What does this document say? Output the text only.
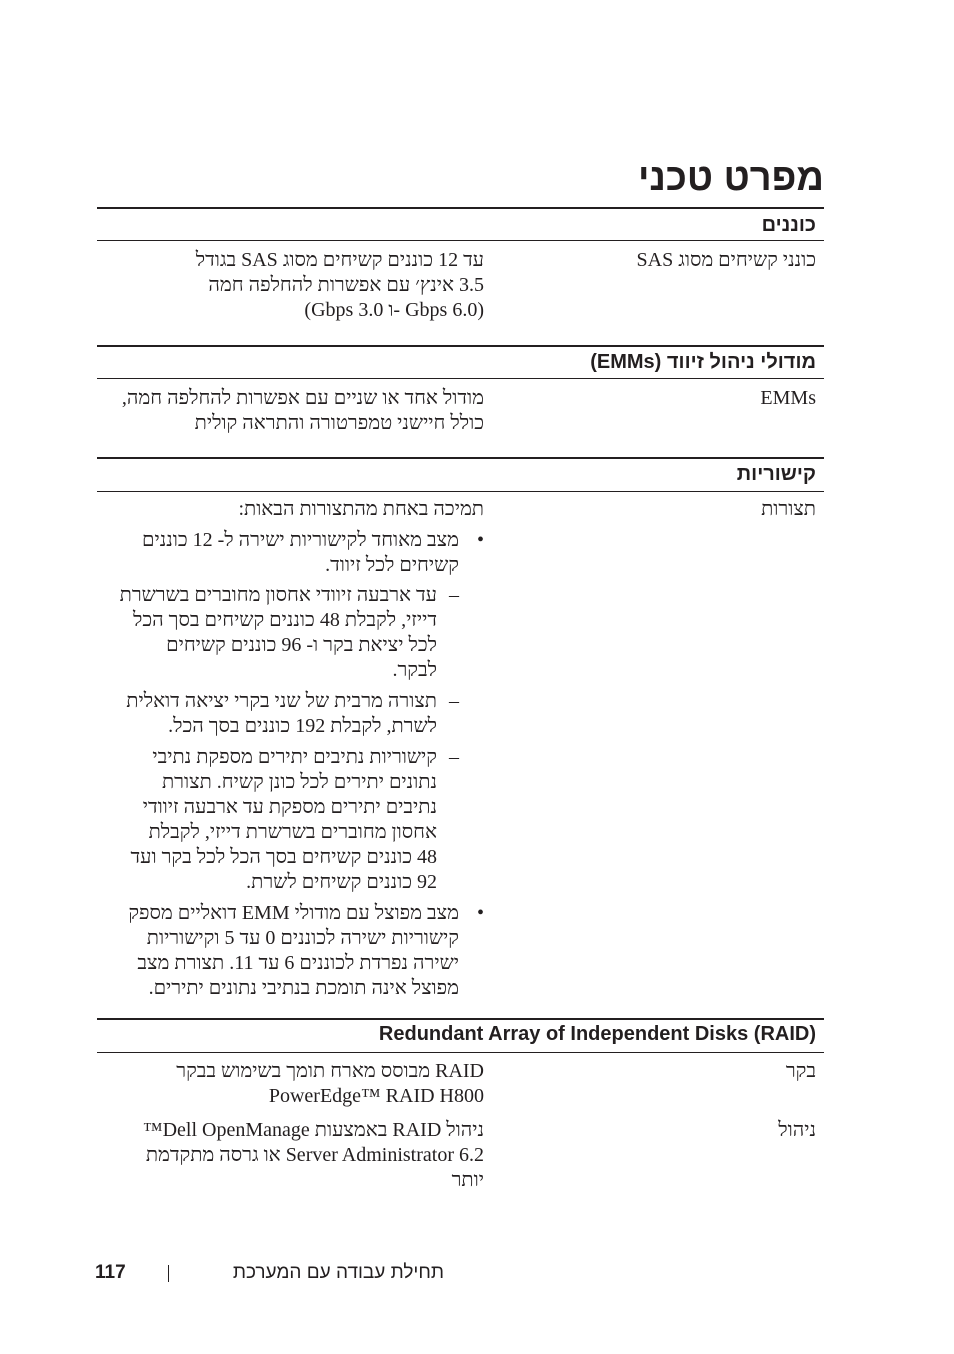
מפרט טכני
כוננים
כונני קשיחים מסוג SAS

עד 12 כוננים קשיחים מסוג SAS בגודל

3.5 אינץ׳ עם אפשרות להחלפה חמה

(6.0 Gbps -ו 3.0 Gbps)

מודולי ניהול זיווד (EMMs)
EMMs

מודול אחד או שניים עם אפשרות להחלפה חמה,

כולל חיישני טמפרטורה והתראה קולית

קישוריות
תצורות

תמיכה באחת מהתצורות הבאות:

• מצב מאוחד לקישוריות ישירה ל- 12 כוננים
קשיחים לכל זיווד.
– עד ארבעה זיוודי אחסון מחוברים בשרשרת
דייזי, לקבלת 48 כוננים קשיחים בסך הכל
לכל יציאת בקר ו- 96 כוננים קשיחים
לבקר.
– תצורה מרבית של שני בקרי יציאה דואלית
לשרת, לקבלת 192 כוננים בסך הכל.
– קישוריות נתיבים יתירים מספקת נתיבי
נתונים יתירים לכל כונן קשיח. תצורת
נתיבים יתירים מספקת עד ארבעה זיוודי
אחסון מחוברים בשרשרת דייזי, לקבלת
48 כוננים קשיחים בסך הכל לכל בקר ועד
92 כוננים קשיחים לשרת.
• מצב מפוצל עם מודולי EMM דואליים מספק
קישוריות ישירה לכוננים 0 עד 5 וקישוריות
ישירה נפרדת לכוננים 6 עד 11. תצורת מצב
מפוצל אינה תומכת בנתיבי נתונים יתירים.
(RAID) Redundant Array of Independent Disks
בקר

RAID מבוסס מארח תומך בשימוש בבקר

PowerEdge™ RAID H800

ניהול

ניהול RAID באמצעות Dell OpenManage™

Server Administrator 6.2 או גרסה מתקדמת

יותר

117	תחילת עבודה עם המערכת
